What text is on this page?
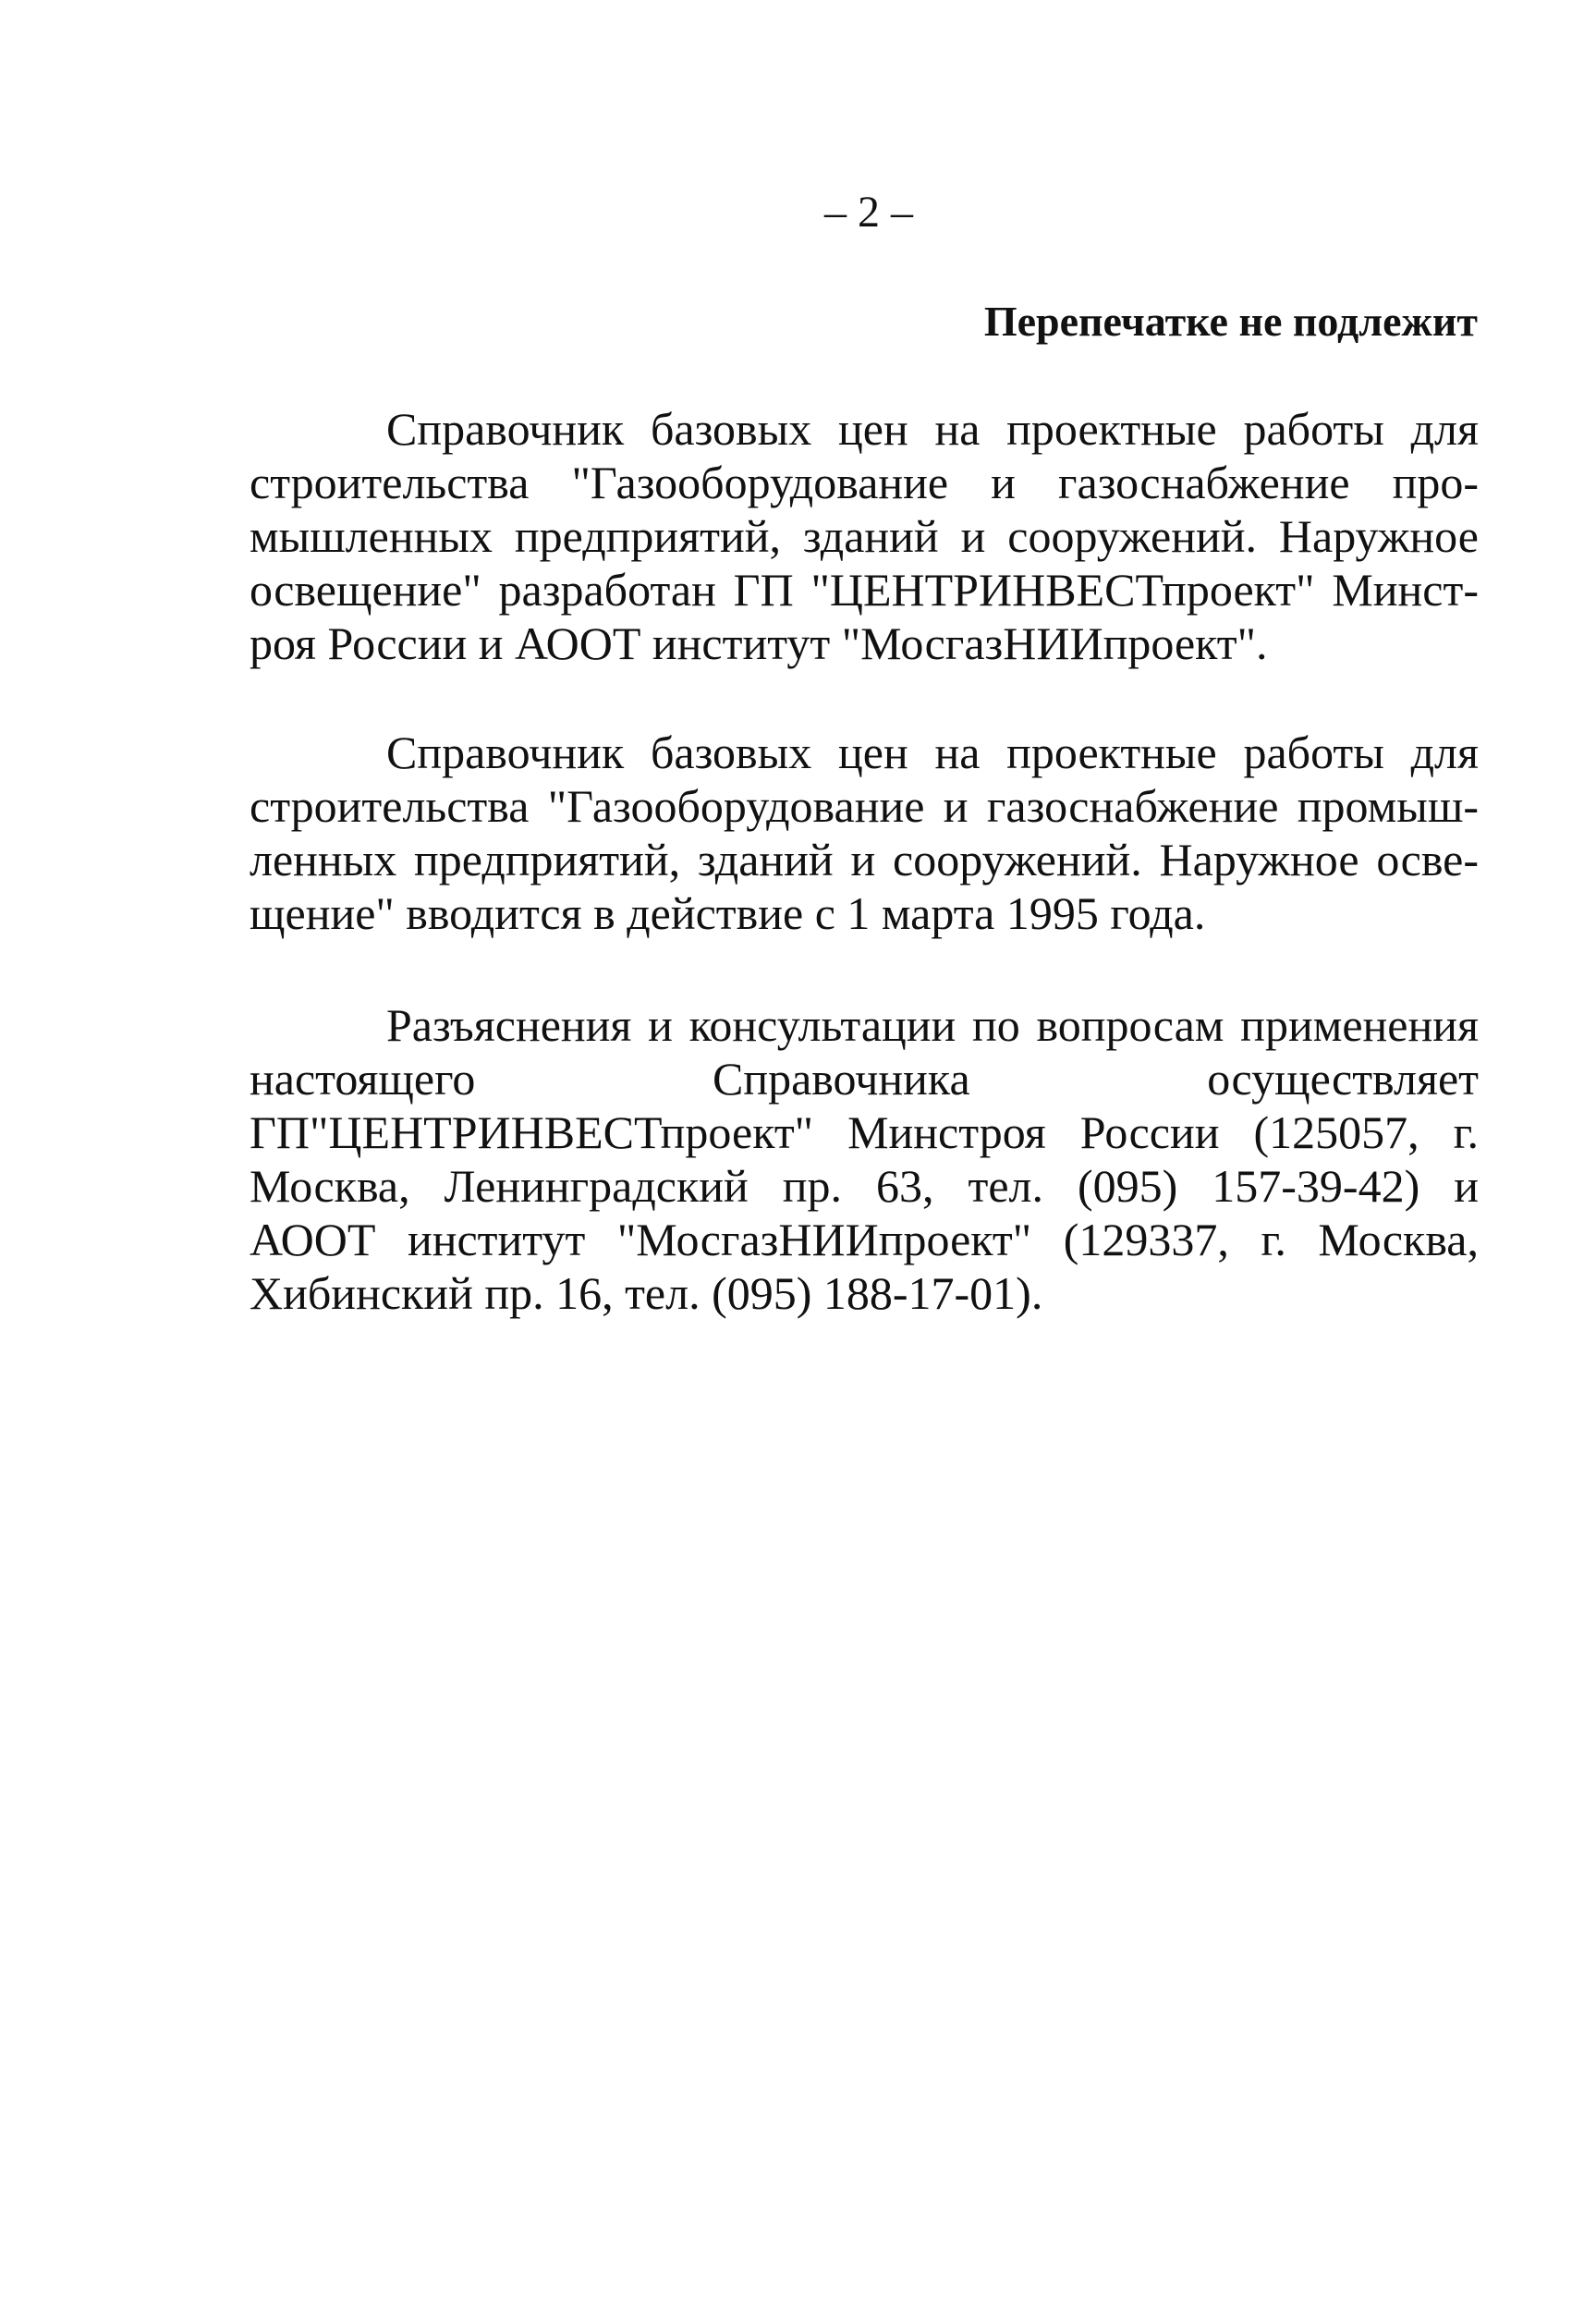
– 2 –
Перепечатке не подлежит
Справочник базовых цен на проектные работы для
строительства "Газооборудование и газоснабжение про-
мышленных предприятий, зданий и сооружений. Наружное
освещение" разработан ГП "ЦЕНТРИНВЕСТпроект" Минст-
роя России и АООТ институт "МосгазНИИпроект".
Справочник базовых цен на проектные работы для
строительства "Газооборудование и газоснабжение промыш-
ленных предприятий, зданий и сооружений. Наружное осве-
щение" вводится в действие с 1 марта 1995 года.
Разъяснения и консультации по вопросам применения
настоящего Справочника осуществляет
ГП"ЦЕНТРИНВЕСТпроект" Минстроя России (125057, г.
Москва, Ленинградский пр. 63, тел. (095) 157-39-42) и
АООТ институт "МосгазНИИпроект" (129337, г. Москва,
Хибинский пр. 16, тел. (095) 188-17-01).
